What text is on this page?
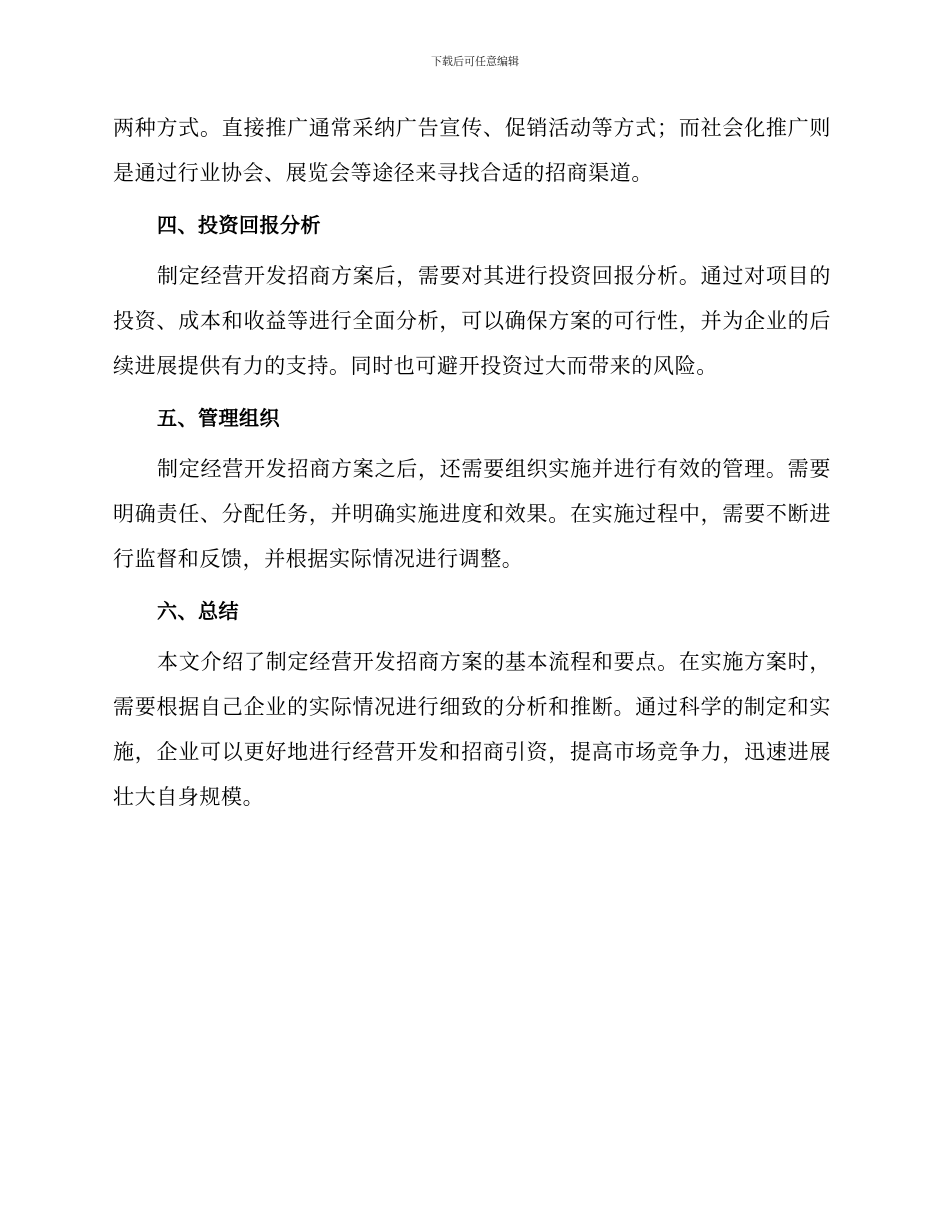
下载后可任意编辑

两种方式。直接推广通常采纳广告宣传、促销活动等方式；而社会化推广则是通过行业协会、展览会等途径来寻找合适的招商渠道。

四、投资回报分析

制定经营开发招商方案后，需要对其进行投资回报分析。通过对项目的投资、成本和收益等进行全面分析，可以确保方案的可行性，并为企业的后续进展提供有力的支持。同时也可避开投资过大而带来的风险。

五、管理组织

制定经营开发招商方案之后，还需要组织实施并进行有效的管理。需要明确责任、分配任务，并明确实施进度和效果。在实施过程中，需要不断进行监督和反馈，并根据实际情况进行调整。

六、总结

本文介绍了制定经营开发招商方案的基本流程和要点。在实施方案时，需要根据自己企业的实际情况进行细致的分析和推断。通过科学的制定和实施，企业可以更好地进行经营开发和招商引资，提高市场竞争力，迅速进展壮大自身规模。
